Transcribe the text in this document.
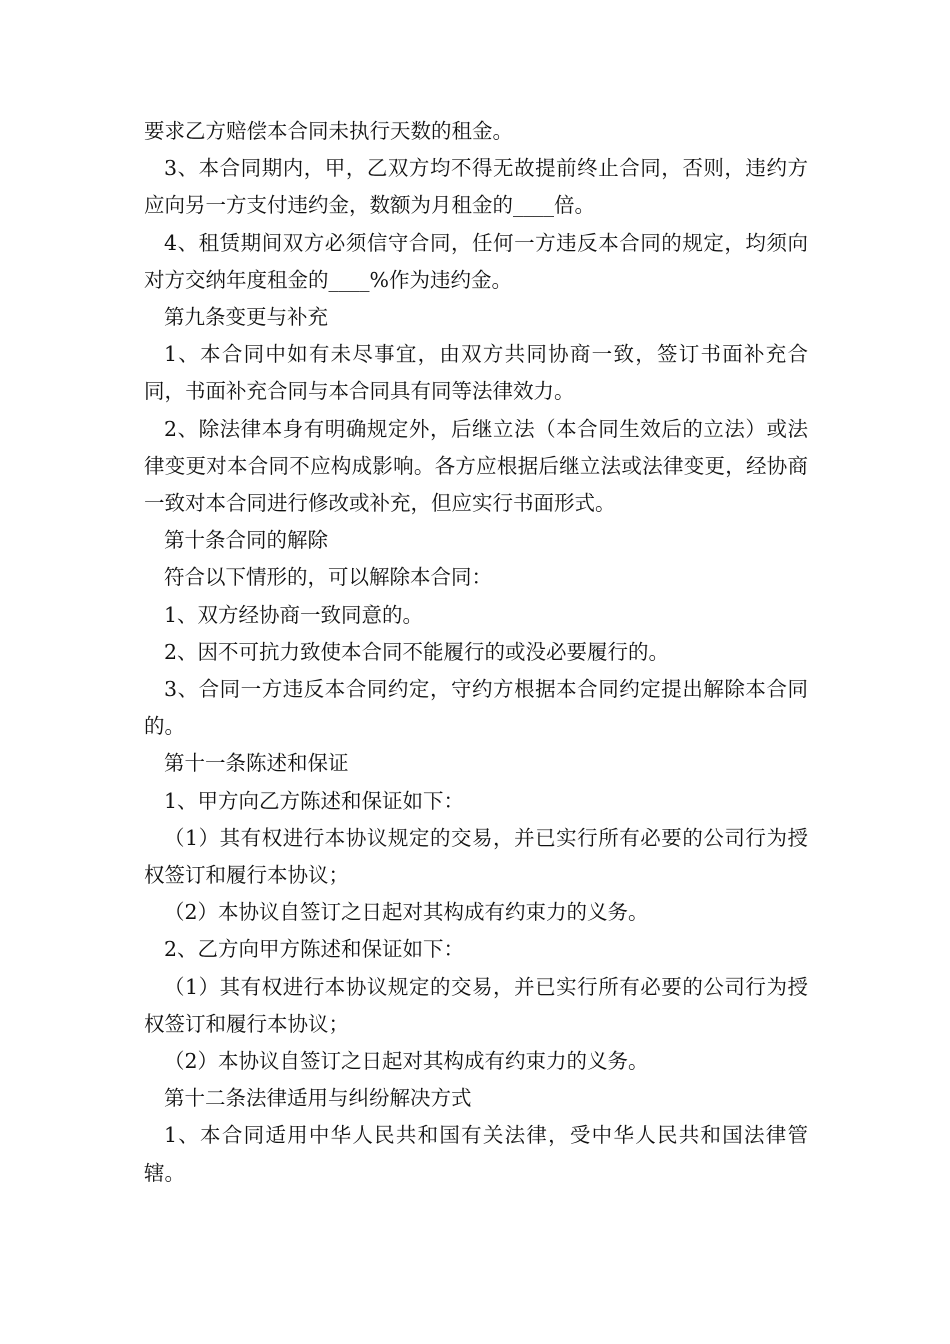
要求乙方赔偿本合同未执行天数的租金。

3、本合同期内，甲，乙双方均不得无故提前终止合同，否则，违约方应向另一方支付违约金，数额为月租金的____倍。

4、租赁期间双方必须信守合同，任何一方违反本合同的规定，均须向对方交纳年度租金的____%作为违约金。

第九条变更与补充

1、本合同中如有未尽事宜，由双方共同协商一致，签订书面补充合同，书面补充合同与本合同具有同等法律效力。

2、除法律本身有明确规定外，后继立法（本合同生效后的立法）或法律变更对本合同不应构成影响。各方应根据后继立法或法律变更，经协商一致对本合同进行修改或补充，但应实行书面形式。

第十条合同的解除

符合以下情形的，可以解除本合同：

1、双方经协商一致同意的。

2、因不可抗力致使本合同不能履行的或没必要履行的。

3、合同一方违反本合同约定，守约方根据本合同约定提出解除本合同的。

第十一条陈述和保证

1、甲方向乙方陈述和保证如下：

（1）其有权进行本协议规定的交易，并已实行所有必要的公司行为授权签订和履行本协议；

（2）本协议自签订之日起对其构成有约束力的义务。

2、乙方向甲方陈述和保证如下：

（1）其有权进行本协议规定的交易，并已实行所有必要的公司行为授权签订和履行本协议；

（2）本协议自签订之日起对其构成有约束力的义务。

第十二条法律适用与纠纷解决方式

1、本合同适用中华人民共和国有关法律，受中华人民共和国法律管辖。
